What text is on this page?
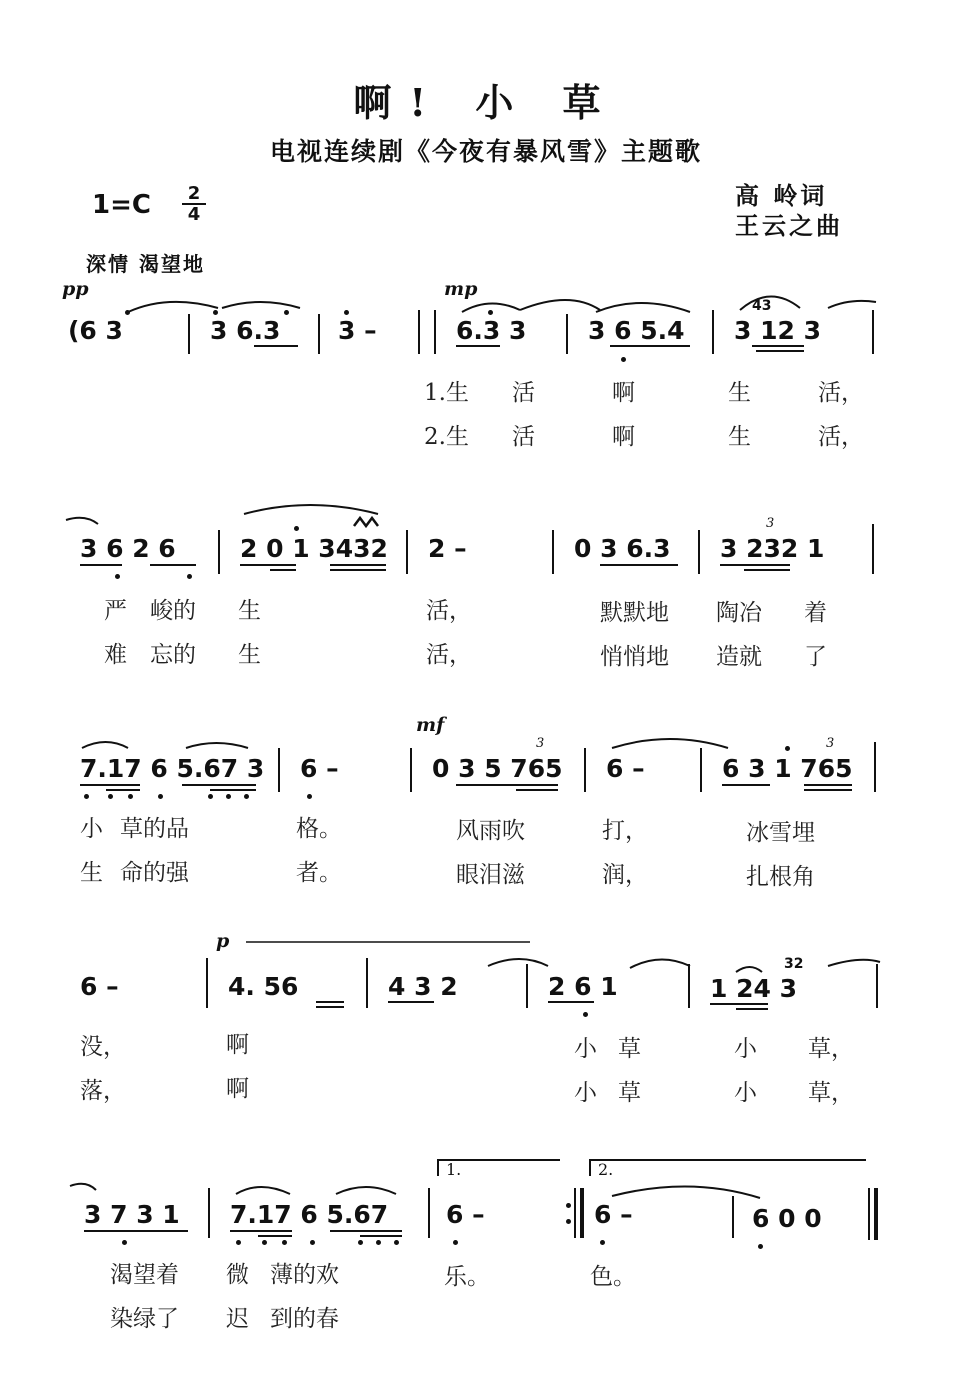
啊! 小 草
电视连续剧《今夜有暴风雪》主题歌
$1=C \frac{2}{4}$	高 岭词
王云之曲
深情 渴望地
pp	mp
(6 3	3 6.3 3 –	6.3 3 3 6 5.4 3 12 3
43
1.生 活	啊	生	活，
2.生 活	啊	生	活，
3 6 2 6	2 0 1 3432 2 –	0 3 6.3 3 232 1
3
严 峻的 生	活，	默默地 陶冶 着
难 忘的 生	活，	悄悄地 造就 了
mf
7.17 6 5.67 3 6 –	0 3 5 765
3
6 –	6 3 1 765
3
小 草的品	格。	风雨吹	打，	冰雪埋
生 命的强	者。	眼泪滋	润，	扎根角
p
6 –	4. 56	4 3 2	2 6 1	1 24 3
32
没，	啊	小 草	小 草，
落，	啊	小 草	小 草，
1.	2.
3 7 3 1 7.17 6 5.67 6 –	6 –	6 0 0
渴望着 微 薄的欢	乐。	色。
染绿了 迟 到的春
